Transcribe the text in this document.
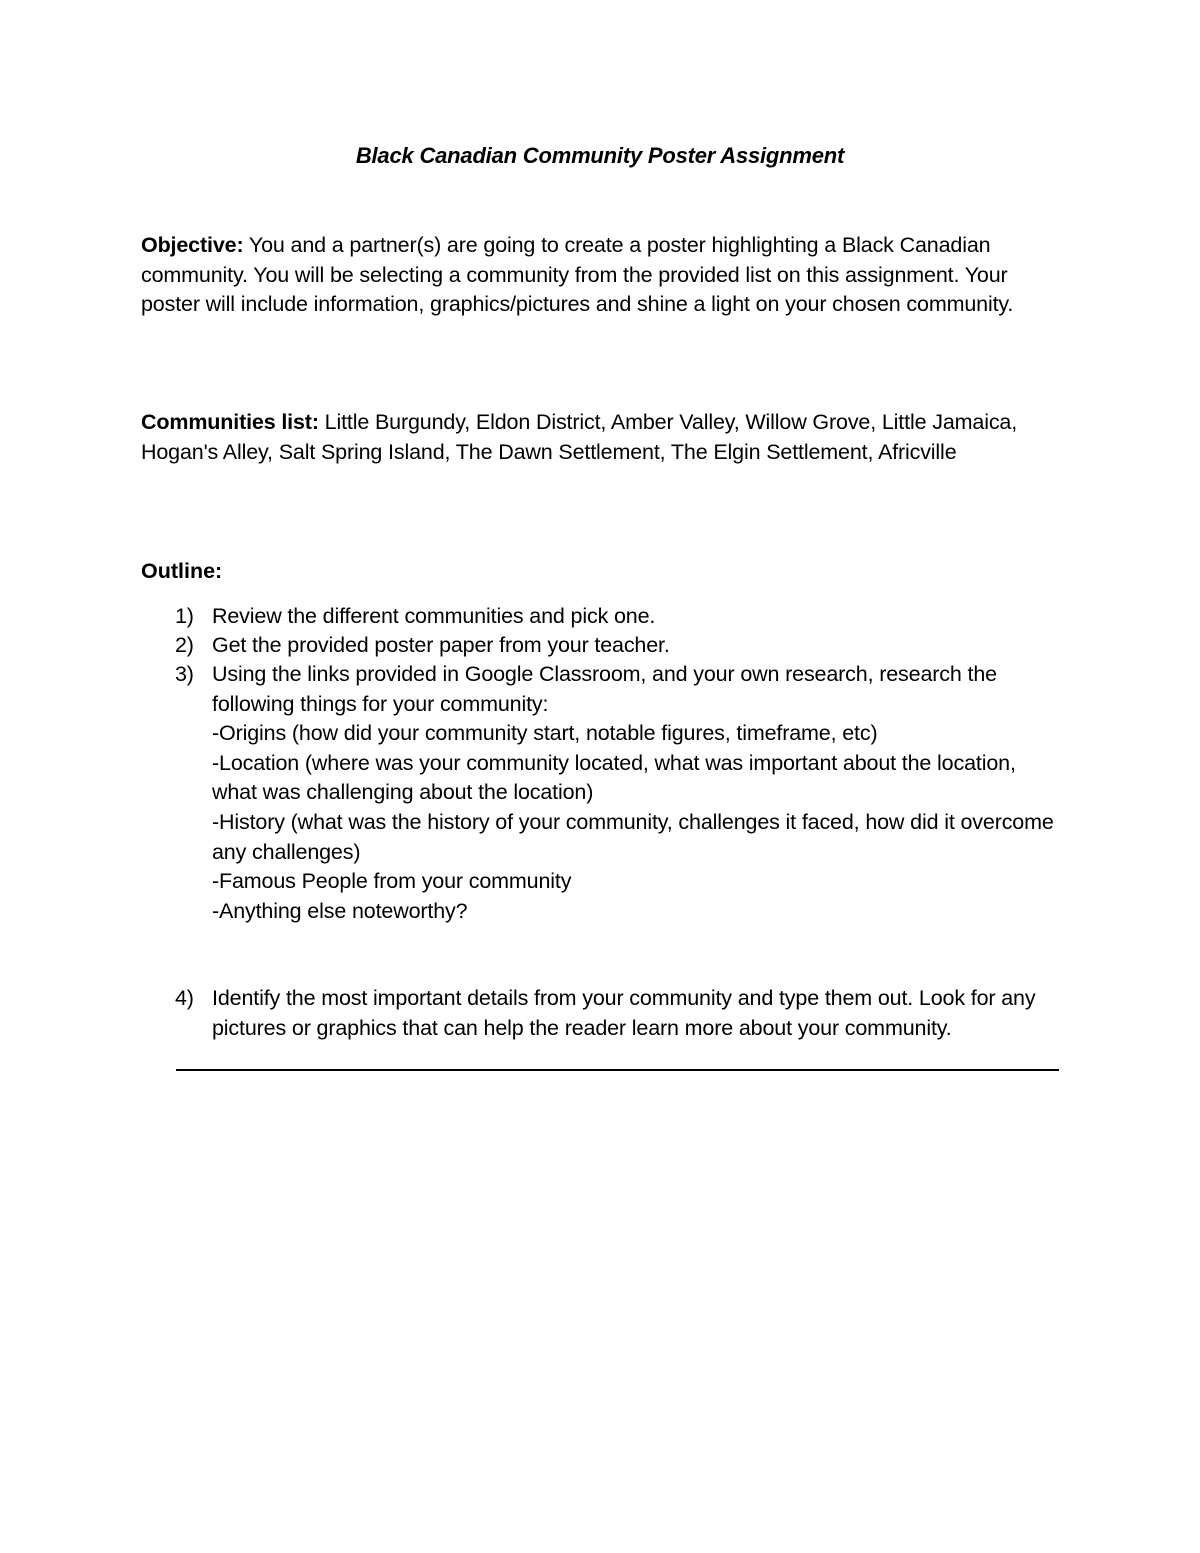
Black Canadian Community Poster Assignment
Objective: You and a partner(s) are going to create a poster highlighting a Black Canadian community. You will be selecting a community from the provided list on this assignment. Your poster will include information, graphics/pictures and shine a light on your chosen community.
Communities list: Little Burgundy, Eldon District, Amber Valley, Willow Grove, Little Jamaica, Hogan's Alley, Salt Spring Island, The Dawn Settlement, The Elgin Settlement, Africville
Outline:
1) Review the different communities and pick one.
2) Get the provided poster paper from your teacher.
3) Using the links provided in Google Classroom, and your own research, research the following things for your community:
-Origins (how did your community start, notable figures, timeframe, etc)
-Location (where was your community located, what was important about the location, what was challenging about the location)
-History (what was the history of your community, challenges it faced, how did it overcome any challenges)
-Famous People from your community
-Anything else noteworthy?
4) Identify the most important details from your community and type them out. Look for any pictures or graphics that can help the reader learn more about your community.
